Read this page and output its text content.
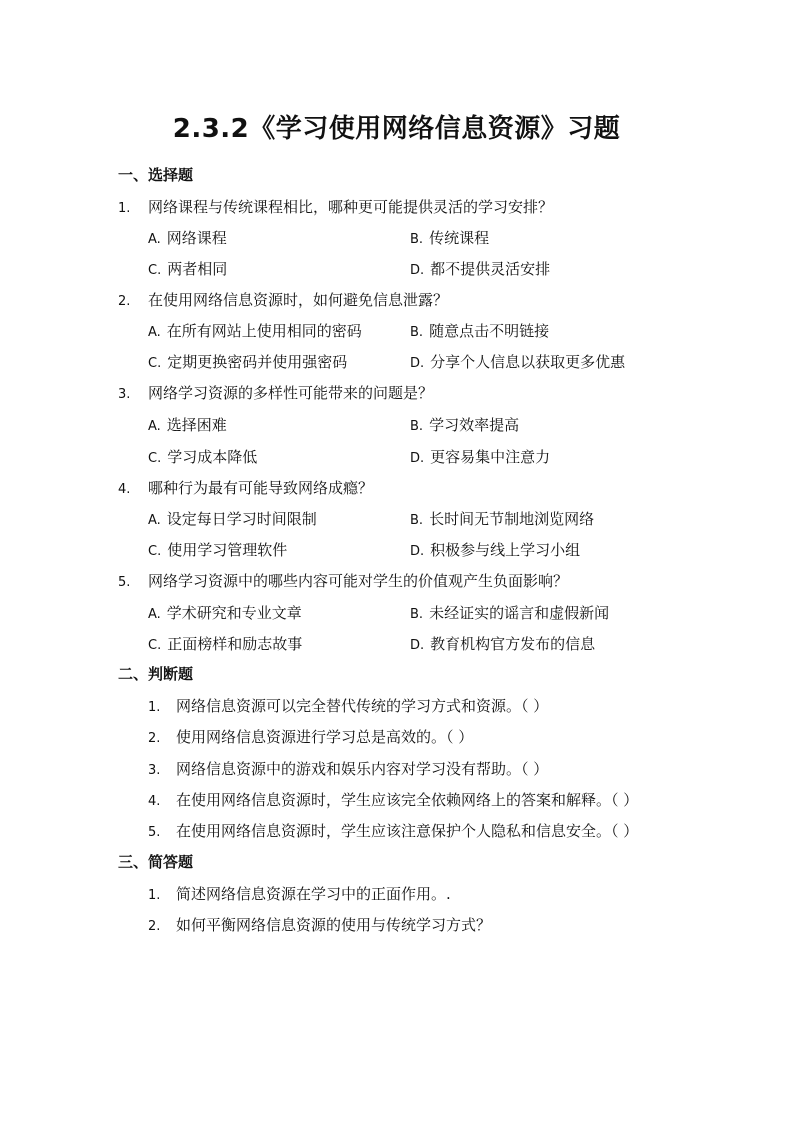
2.3.2《学习使用网络信息资源》习题
一、选择题
1. 网络课程与传统课程相比，哪种更可能提供灵活的学习安排？
A. 网络课程	B. 传统课程
C. 两者相同	D. 都不提供灵活安排
2. 在使用网络信息资源时，如何避免信息泄露？
A. 在所有网站上使用相同的密码	B. 随意点击不明链接
C. 定期更换密码并使用强密码	D. 分享个人信息以获取更多优惠
3. 网络学习资源的多样性可能带来的问题是？
A. 选择困难	B. 学习效率提高
C. 学习成本降低	D. 更容易集中注意力
4. 哪种行为最有可能导致网络成瘾？
A. 设定每日学习时间限制	B. 长时间无节制地浏览网络
C. 使用学习管理软件	D. 积极参与线上学习小组
5. 网络学习资源中的哪些内容可能对学生的价值观产生负面影响？
A. 学术研究和专业文章	B. 未经证实的谣言和虚假新闻
C. 正面榜样和励志故事	D. 教育机构官方发布的信息
二、判断题
1. 网络信息资源可以完全替代传统的学习方式和资源。（ ）
2. 使用网络信息资源进行学习总是高效的。（ ）
3. 网络信息资源中的游戏和娱乐内容对学习没有帮助。（ ）
4. 在使用网络信息资源时，学生应该完全依赖网络上的答案和解释。（ ）
5. 在使用网络信息资源时，学生应该注意保护个人隐私和信息安全。（ ）
三、简答题
1. 简述网络信息资源在学习中的正面作用。.
2. 如何平衡网络信息资源的使用与传统学习方式？
